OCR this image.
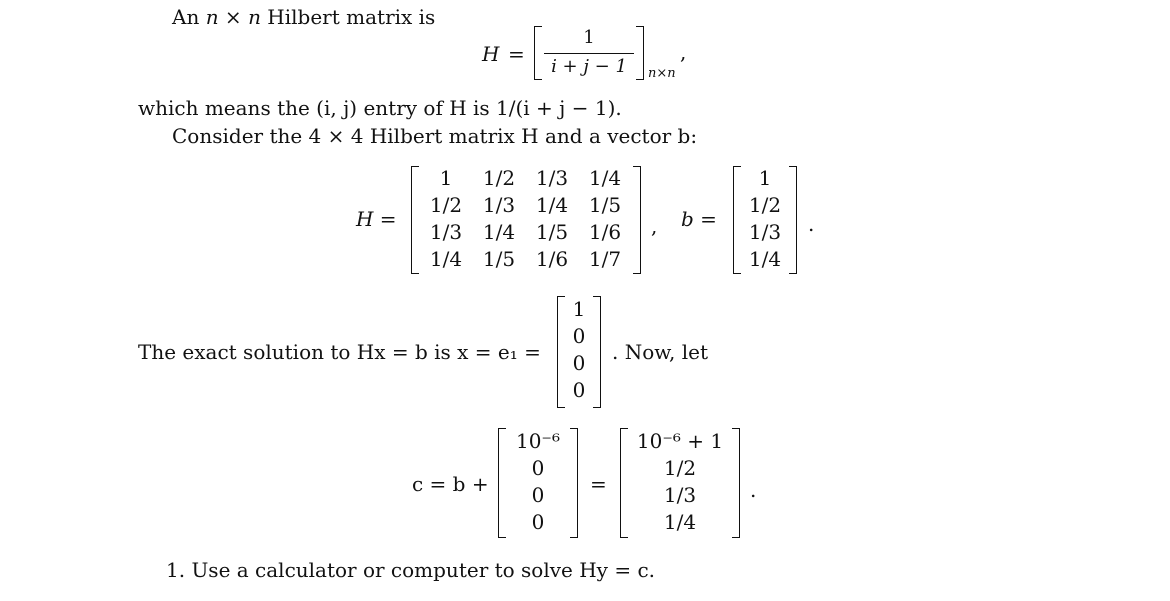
An n × n Hilbert matrix is
H =
1
i + j − 1	n×n
,
which means the (i, j) entry of H is 1/(i + j − 1).
Consider the 4 × 4 Hilbert matrix H and a vector b:
H =
1 1/2 1/3 1/4
1/2 1/3 1/4 1/5
1/3 1/4 1/5 1/6
1/4 1/5 1/6 1/7
, b =
1
1/2
1/3
1/4
.
The exact solution to Hx = b is x = e₁ =
1
0
0
0
. Now, let
c = b +
10⁻⁶
0
0
0
=
10⁻⁶ + 1
1/2
1/3
1/4
.
1. Use a calculator or computer to solve Hy = c.
